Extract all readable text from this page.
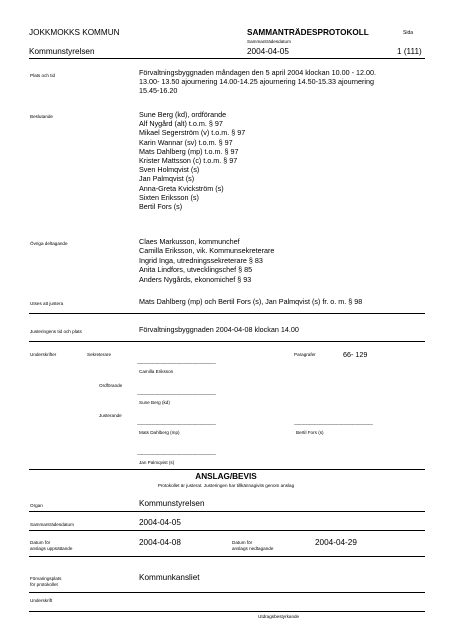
JOKKMOKKS KOMMUN	SAMMANTRÄDESPROTOKOLL	Sida
Sammanträdesdatum
Kommunstyrelsen	2004-04-05	1 (111)
Plats och tid	Förvaltningsbyggnaden måndagen den 5 april 2004 klockan 10.00 - 12.00.
13.00- 13.50 ajournering 14.00-14.25 ajournering 14.50-15.33 ajournering
15.45-16.20
Beslutande	Sune Berg (kd), ordförande
Alf Nygård (alt) t.o.m. § 97
Mikael Segerström (v) t.o.m. § 97
Karin Wannar (sv) t.o.m. § 97
Mats Dahlberg (mp) t.o.m. § 97
Krister Mattsson (c) t.o.m. § 97
Sven Holmqvist (s)
Jan Palmqvist (s)
Anna-Greta Kvickström (s)
Sixten Eriksson (s)
Bertil Fors (s)
Övriga deltagande	Claes Markusson, kommunchef
Camilla Eriksson, vik. Kommunsekreterare
Ingrid Inga, utredningssekreterare § 83
Anita Lindfors, utvecklingschef § 85
Anders Nygårds, ekonomichef § 93
Utses att justera	Mats Dahlberg (mp) och Bertil Fors (s), Jan Palmqvist (s) fr. o. m. § 98
Justeringens tid och plats	Förvaltningsbyggnaden 2004-04-08 klockan 14.00
Underskrifter	Sekreterare	Paragrafer	66- 129
----------------------------------------------------------------
Camilla Eriksson
Ordförande
----------------------------------------------------------------
Sune Berg (kd)
Justerande
----------------------------------------------------------------
Mats Dahlberg (mp)
----------------------------------------------------------------
Bertil Fors (s)
----------------------------------------------------------------
Jan Palmqvist (s)
ANSLAG/BEVIS
Protokollet är justerat. Justeringen har tillkännagivits genom anslag
Organ	Kommunstyrelsen
Sammanträdesdatum	2004-04-05
Datum för
anslags uppsättande
2004-04-08	Datum för
anslags nedtagande
2004-04-29
Förvaringsplats
för protokollet
Kommunkansliet
Underskrift
Utdragsbestyrkande
